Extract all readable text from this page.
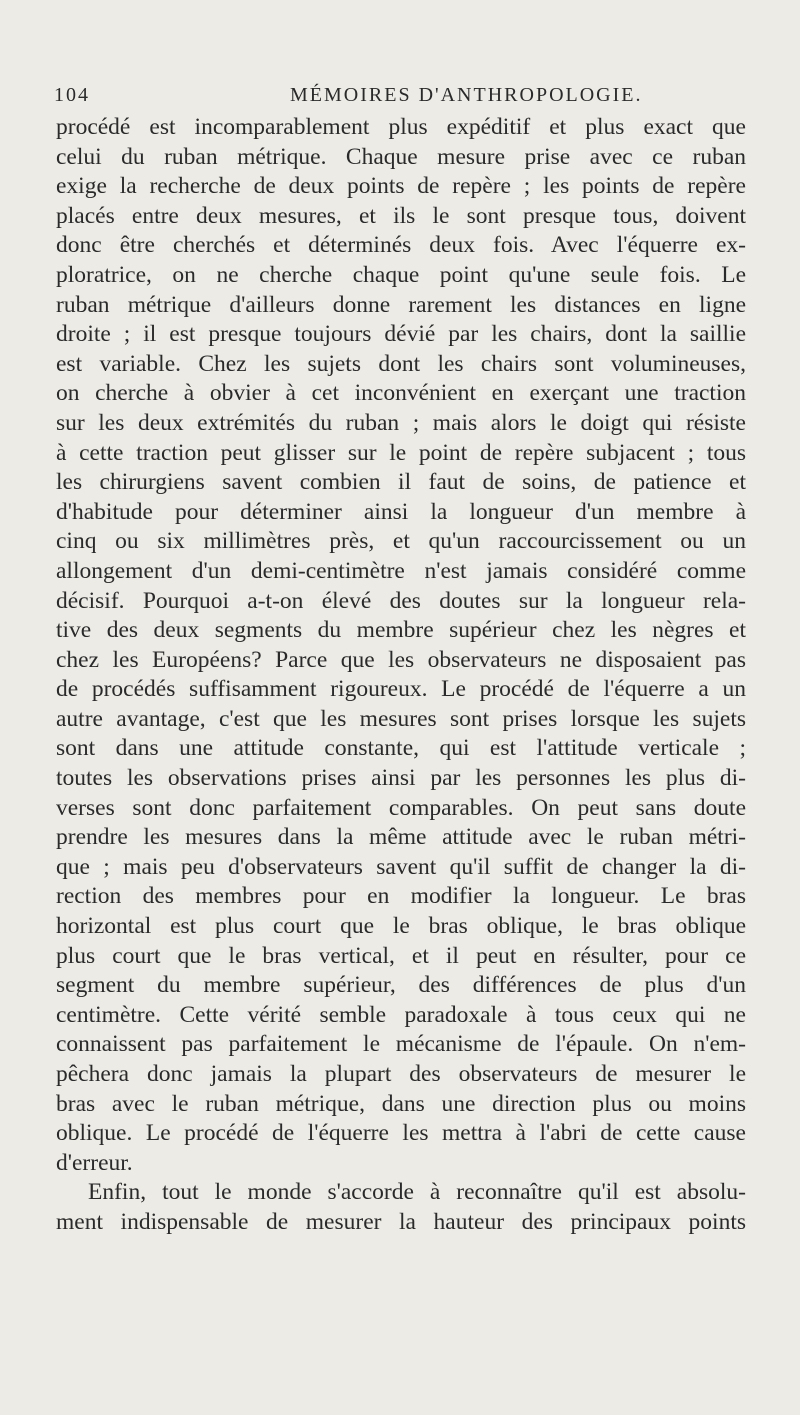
104	MÉMOIRES D'ANTHROPOLOGIE.
procédé est incomparablement plus expéditif et plus exact que
celui du ruban métrique. Chaque mesure prise avec ce ruban
exige la recherche de deux points de repère ; les points de repère
placés entre deux mesures, et ils le sont presque tous, doivent
donc être cherchés et déterminés deux fois. Avec l'équerre ex-
ploratrice, on ne cherche chaque point qu'une seule fois. Le
ruban métrique d'ailleurs donne rarement les distances en ligne
droite ; il est presque toujours dévié par les chairs, dont la saillie
est variable. Chez les sujets dont les chairs sont volumineuses,
on cherche à obvier à cet inconvénient en exerçant une traction
sur les deux extrémités du ruban ; mais alors le doigt qui résiste
à cette traction peut glisser sur le point de repère subjacent ; tous
les chirurgiens savent combien il faut de soins, de patience et
d'habitude pour déterminer ainsi la longueur d'un membre à
cinq ou six millimètres près, et qu'un raccourcissement ou un
allongement d'un demi-centimètre n'est jamais considéré comme
décisif. Pourquoi a-t-on élevé des doutes sur la longueur rela-
tive des deux segments du membre supérieur chez les nègres et
chez les Européens? Parce que les observateurs ne disposaient pas
de procédés suffisamment rigoureux. Le procédé de l'équerre a un
autre avantage, c'est que les mesures sont prises lorsque les sujets
sont dans une attitude constante, qui est l'attitude verticale ;
toutes les observations prises ainsi par les personnes les plus di-
verses sont donc parfaitement comparables. On peut sans doute
prendre les mesures dans la même attitude avec le ruban métri-
que ; mais peu d'observateurs savent qu'il suffit de changer la di-
rection des membres pour en modifier la longueur. Le bras
horizontal est plus court que le bras oblique, le bras oblique
plus court que le bras vertical, et il peut en résulter, pour ce
segment du membre supérieur, des différences de plus d'un
centimètre. Cette vérité semble paradoxale à tous ceux qui ne
connaissent pas parfaitement le mécanisme de l'épaule. On n'em-
pêchera donc jamais la plupart des observateurs de mesurer le
bras avec le ruban métrique, dans une direction plus ou moins
oblique. Le procédé de l'équerre les mettra à l'abri de cette cause
d'erreur.
Enfin, tout le monde s'accorde à reconnaître qu'il est absolu-
ment indispensable de mesurer la hauteur des principaux points
